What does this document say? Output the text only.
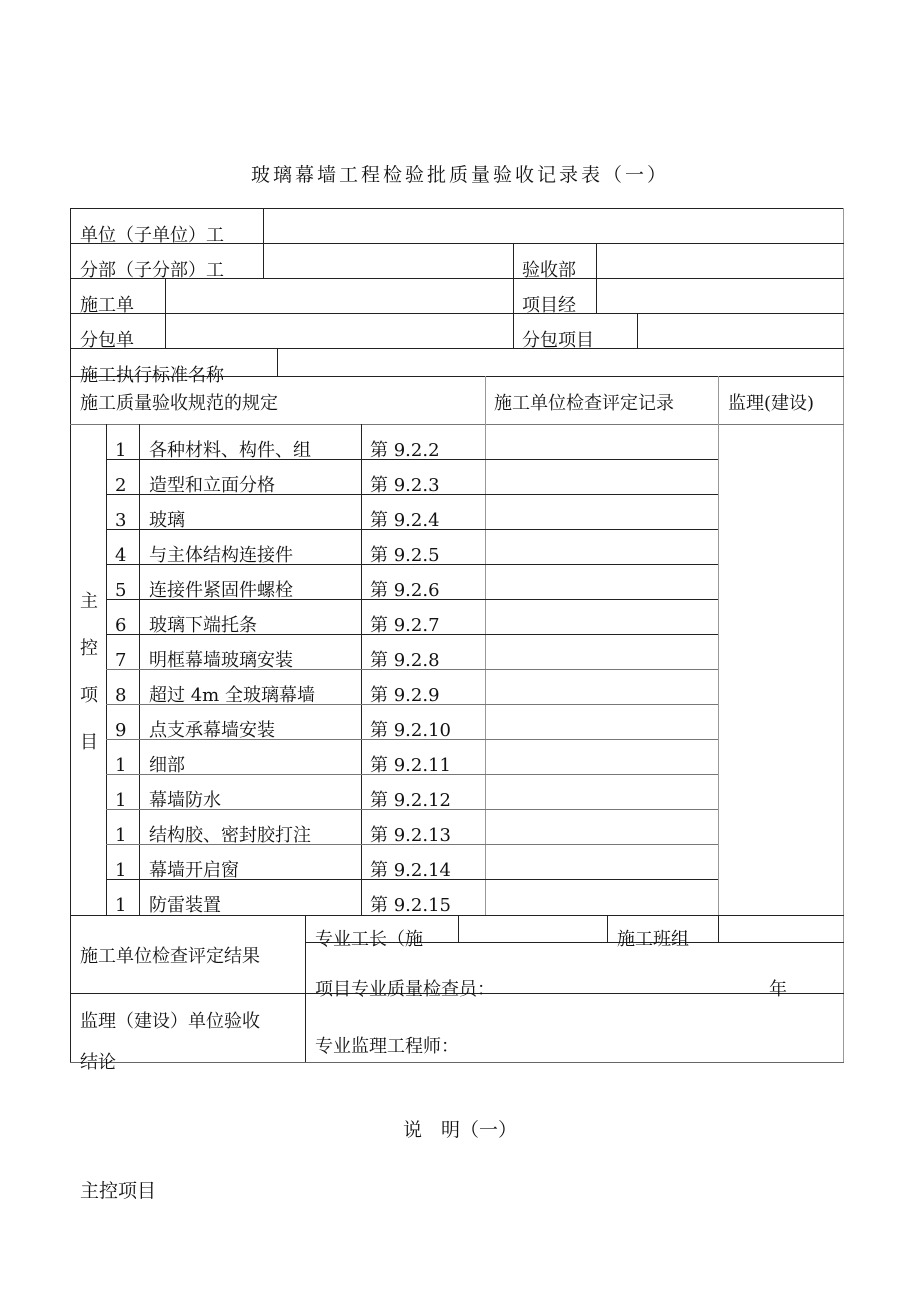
玻璃幕墙工程检验批质量验收记录表（一）
单位（子单位）工
分部（子分部）工	验收部
施工单	项目经
分包单	分包项目
施工执行标准名称
施工质量验收规范的规定	施工单位检查评定记录	监理(建设)
主
控
项
目
1	各种材料、构件、组	第 9.2.2
2	造型和立面分格	第 9.2.3
3	玻璃	第 9.2.4
4	与主体结构连接件	第 9.2.5
5	连接件紧固件螺栓	第 9.2.6
6	玻璃下端托条	第 9.2.7
7	明框幕墙玻璃安装	第 9.2.8
8	超过 4m 全玻璃幕墙	第 9.2.9
9	点支承幕墙安装	第 9.2.10
1	细部	第 9.2.11
1	幕墙防水	第 9.2.12
1	结构胶、密封胶打注	第 9.2.13
1	幕墙开启窗	第 9.2.14
1	防雷装置	第 9.2.15
施工单位检查评定结果
专业工长（施	施工班组
项目专业质量检查员：	年
监理（建设）单位验收
结论
专业监理工程师：
说　明（一）
主控项目
